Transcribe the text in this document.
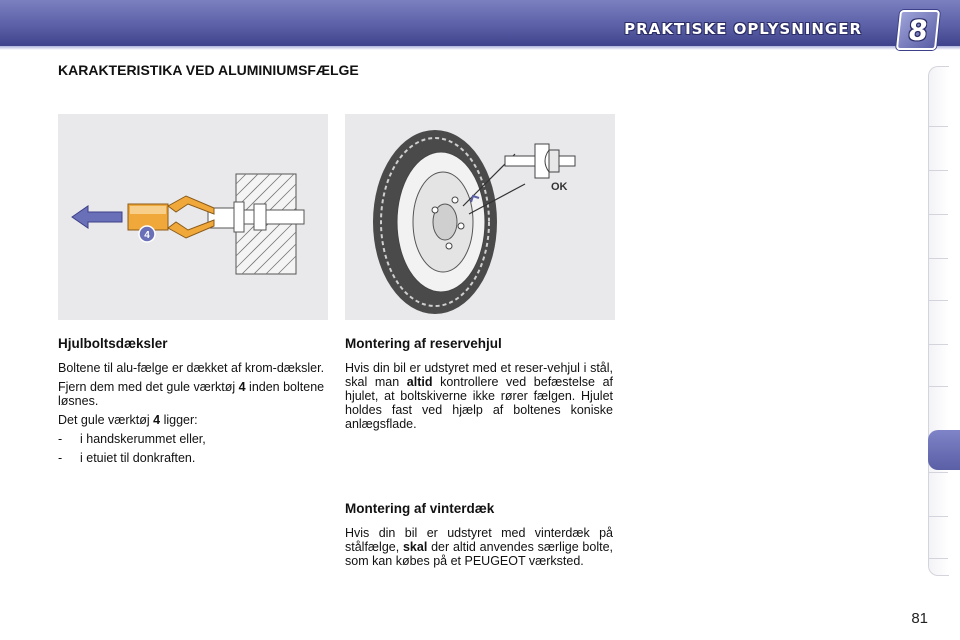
PRAKTISKE OPLYSNINGER 8
KARAKTERISTIKA VED ALUMINIUMSFÆLGE
4
OK
Hjulboltsdæksler

Boltene til alu-fælge er dækket af krom-dæksler.

Fjern dem med det gule værktøj 4 inden boltene løsnes.

Det gule værktøj 4 ligger:

-	i handskerummet eller,
-	i etuiet til donkraften.
Montering af reservehjul

Hvis din bil er udstyret med et reser-vehjul i stål, skal man altid kontrollere ved befæstelse af hjulet, at boltskiverne ikke rører fælgen. Hjulet holdes fast ved hjælp af boltenes koniske anlægsflade.

Montering af vinterdæk

Hvis din bil er udstyret med vinterdæk på stålfælge, skal der altid anvendes særlige bolte, som kan købes på et PEUGEOT værksted.

81
